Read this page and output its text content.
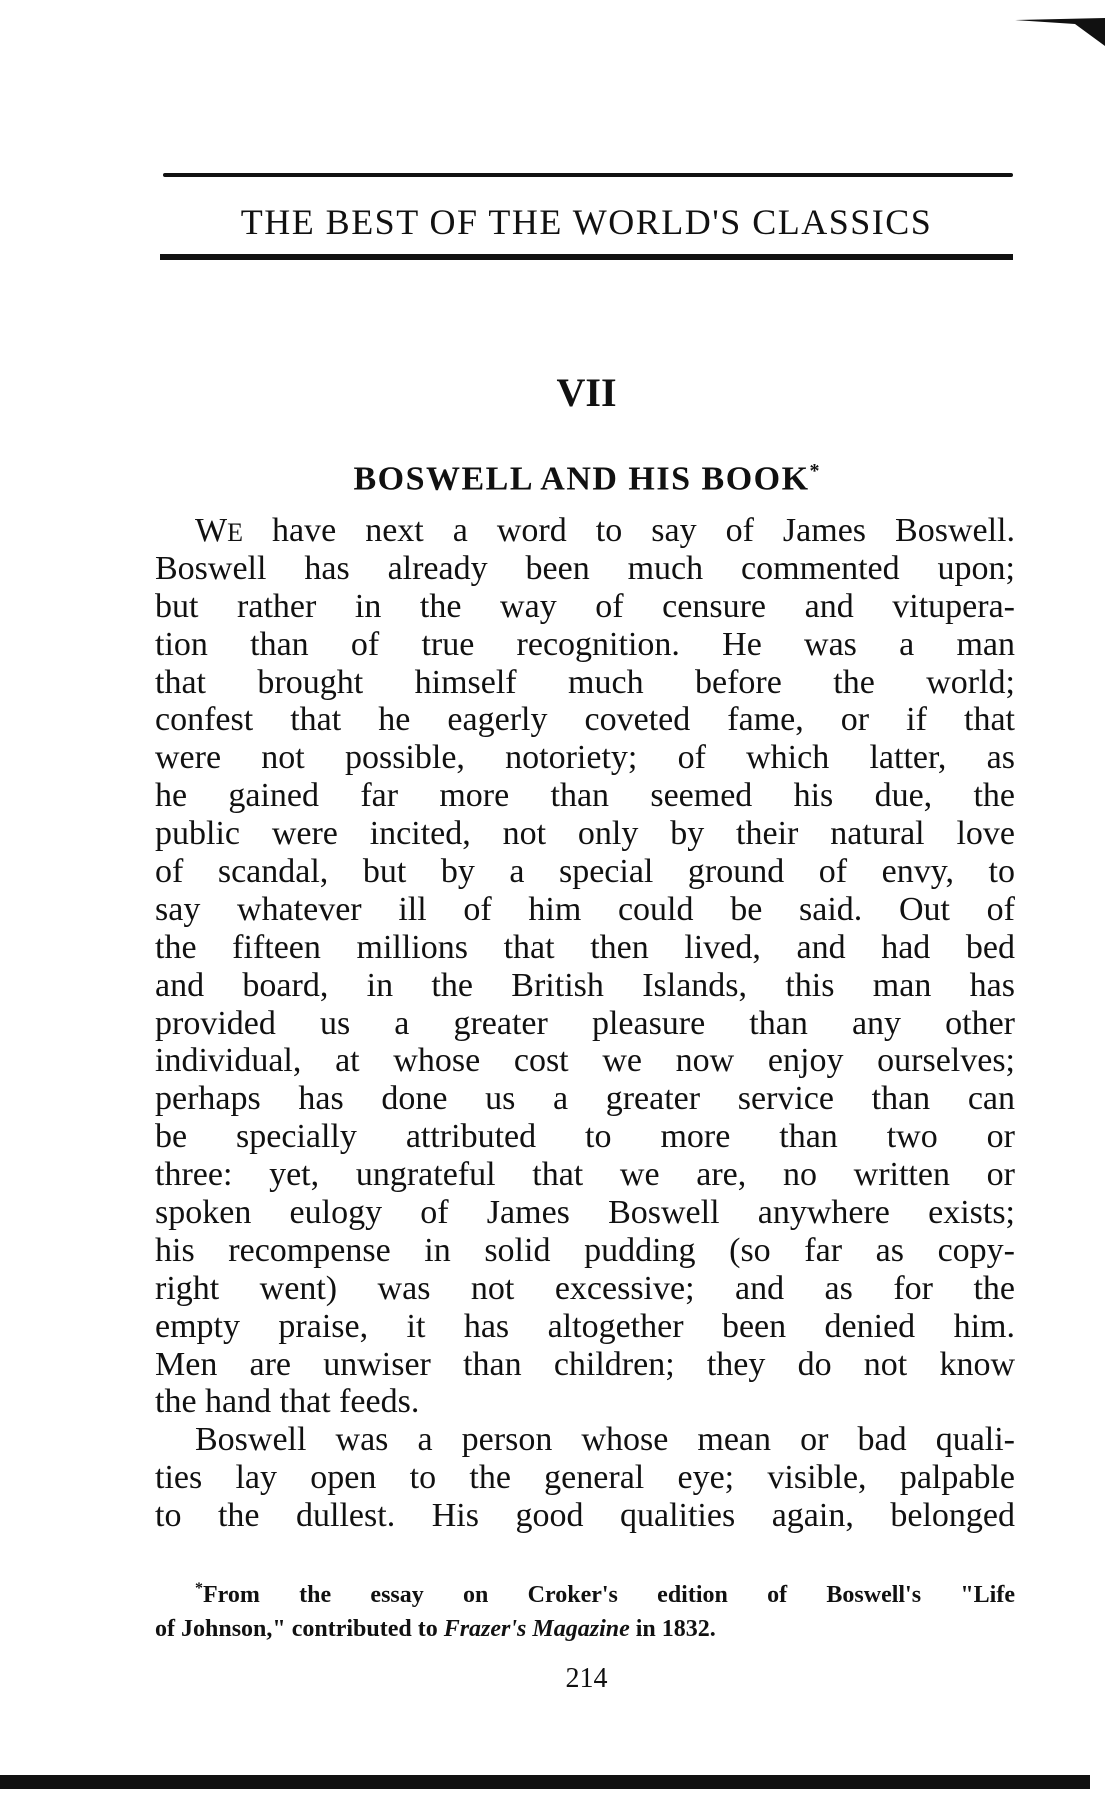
THE BEST OF THE WORLD'S CLASSICS
VII
BOSWELL AND HIS BOOK*
WE have next a word to say of James Boswell.
Boswell has already been much commented upon;
but rather in the way of censure and vitupera-
tion than of true recognition. He was a man
that brought himself much before the world;
confest that he eagerly coveted fame, or if that
were not possible, notoriety; of which latter, as
he gained far more than seemed his due, the
public were incited, not only by their natural love
of scandal, but by a special ground of envy, to
say whatever ill of him could be said. Out of
the fifteen millions that then lived, and had bed
and board, in the British Islands, this man has
provided us a greater pleasure than any other
individual, at whose cost we now enjoy ourselves;
perhaps has done us a greater service than can
be specially attributed to more than two or
three: yet, ungrateful that we are, no written or
spoken eulogy of James Boswell anywhere exists;
his recompense in solid pudding (so far as copy-
right went) was not excessive; and as for the
empty praise, it has altogether been denied him.
Men are unwiser than children; they do not know
the hand that feeds.
Boswell was a person whose mean or bad quali-
ties lay open to the general eye; visible, palpable
to the dullest. His good qualities again, belonged
*From the essay on Croker's edition of Boswell's "Life
of Johnson," contributed to Frazer's Magazine in 1832.
214
